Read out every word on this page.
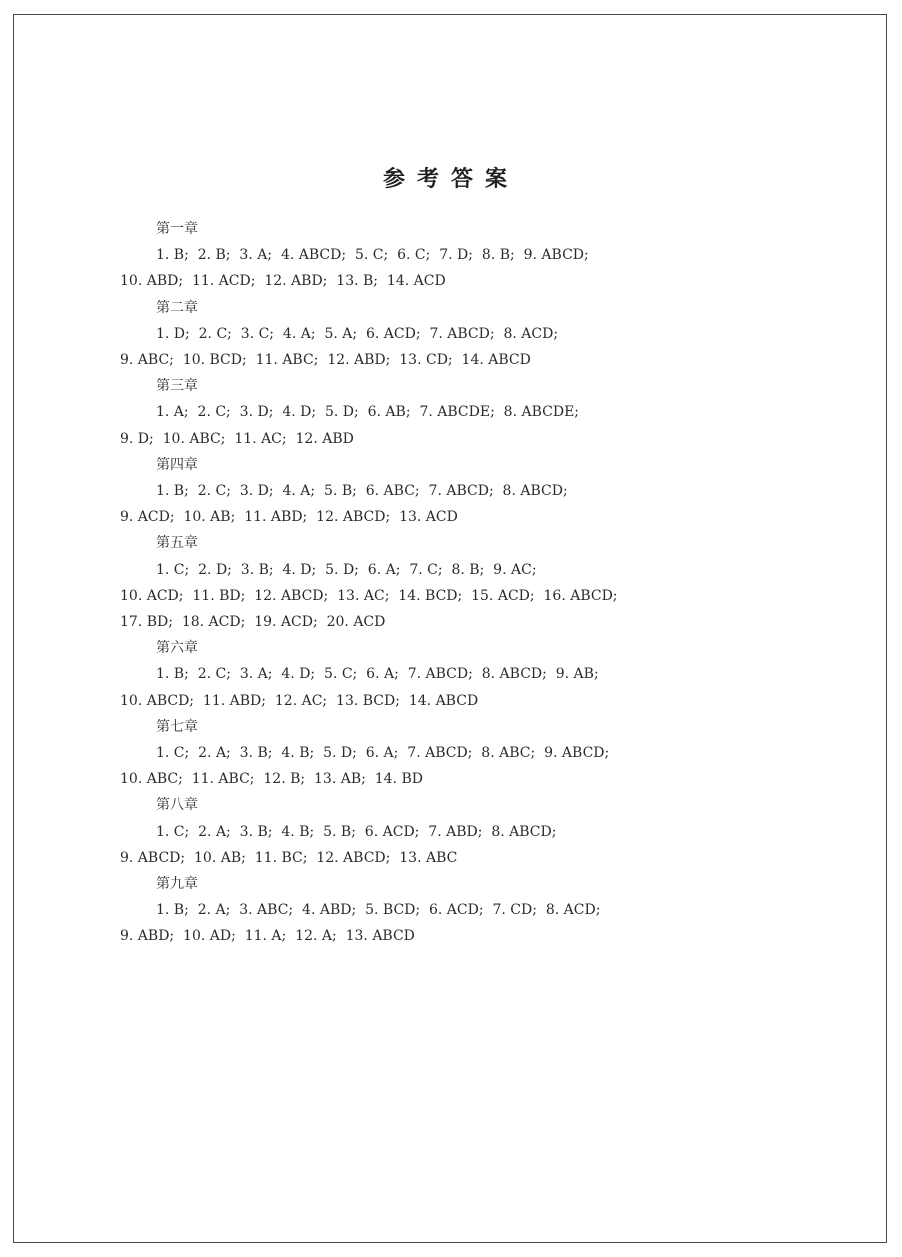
参考答案
第一章
1. B;  2. B;  3. A;  4. ABCD;  5. C;  6. C;  7. D;  8. B;  9. ABCD;
10. ABD;  11. ACD;  12. ABD;  13. B;  14. ACD
第二章
1. D;  2. C;  3. C;  4. A;  5. A;  6. ACD;  7. ABCD;  8. ACD;
9. ABC;  10. BCD;  11. ABC;  12. ABD;  13. CD;  14. ABCD
第三章
1. A;  2. C;  3. D;  4. D;  5. D;  6. AB;  7. ABCDE;  8. ABCDE;
9. D;  10. ABC;  11. AC;  12. ABD
第四章
1. B;  2. C;  3. D;  4. A;  5. B;  6. ABC;  7. ABCD;  8. ABCD;
9. ACD;  10. AB;  11. ABD;  12. ABCD;  13. ACD
第五章
1. C;  2. D;  3. B;  4. D;  5. D;  6. A;  7. C;  8. B;  9. AC;
10. ACD;  11. BD;  12. ABCD;  13. AC;  14. BCD;  15. ACD;  16. ABCD;
17. BD;  18. ACD;  19. ACD;  20. ACD
第六章
1. B;  2. C;  3. A;  4. D;  5. C;  6. A;  7. ABCD;  8. ABCD;  9. AB;
10. ABCD;  11. ABD;  12. AC;  13. BCD;  14. ABCD
第七章
1. C;  2. A;  3. B;  4. B;  5. D;  6. A;  7. ABCD;  8. ABC;  9. ABCD;
10. ABC;  11. ABC;  12. B;  13. AB;  14. BD
第八章
1. C;  2. A;  3. B;  4. B;  5. B;  6. ACD;  7. ABD;  8. ABCD;
9. ABCD;  10. AB;  11. BC;  12. ABCD;  13. ABC
第九章
1. B;  2. A;  3. ABC;  4. ABD;  5. BCD;  6. ACD;  7. CD;  8. ACD;
9. ABD;  10. AD;  11. A;  12. A;  13. ABCD
